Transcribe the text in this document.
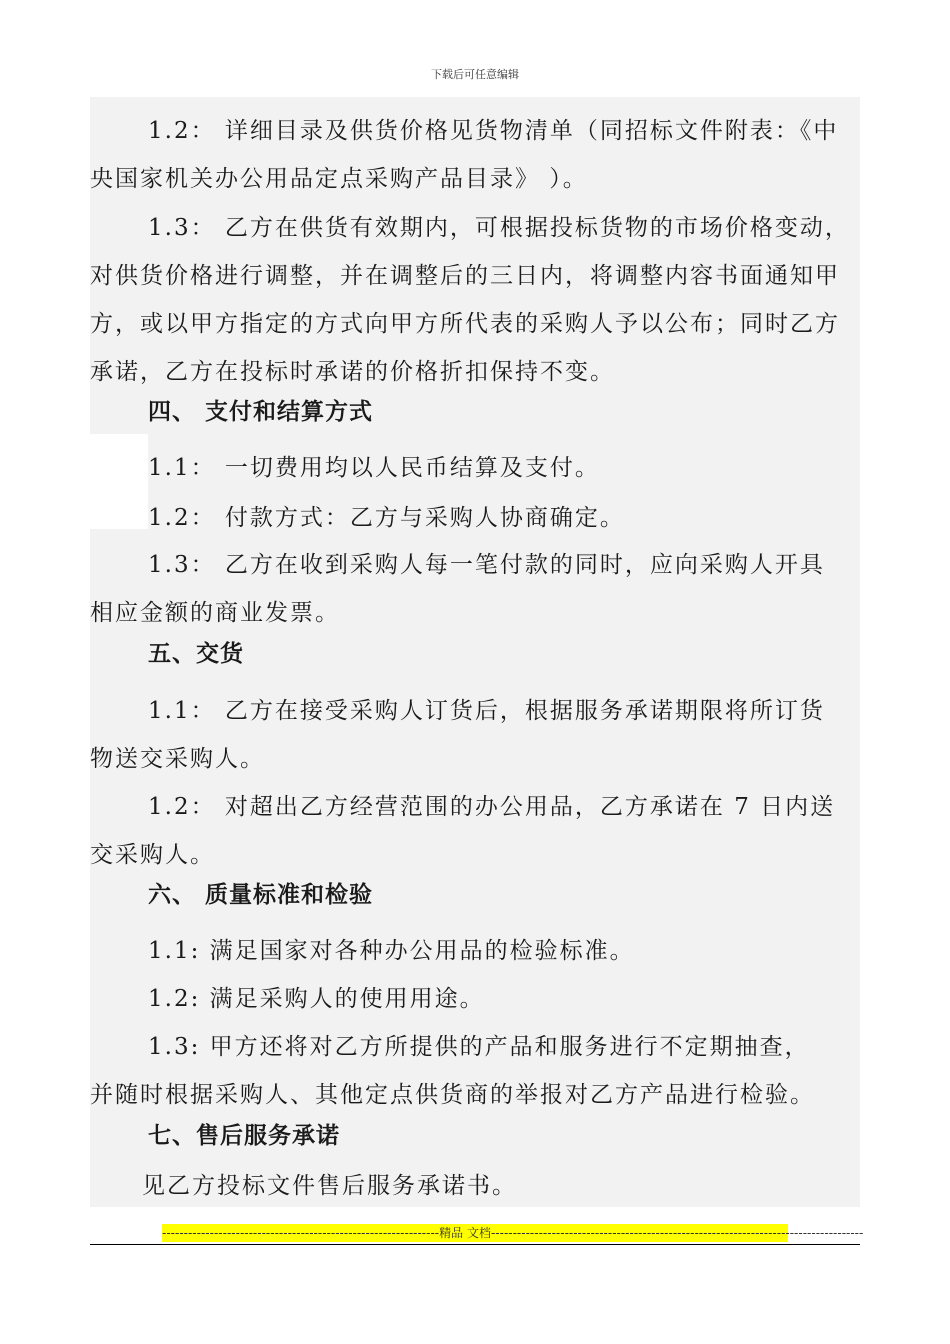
下载后可任意编辑
1.2： 详细目录及供货价格见货物清单（同招标文件附表：《中
央国家机关办公用品定点采购产品目录》 ）。
1.3： 乙方在供货有效期内，可根据投标货物的市场价格变动，
对供货价格进行调整，并在调整后的三日内，将调整内容书面通知甲
方，或以甲方指定的方式向甲方所代表的采购人予以公布；同时乙方
承诺，乙方在投标时承诺的价格折扣保持不变。
四、 支付和结算方式
1.1： 一切费用均以人民币结算及支付。
1.2： 付款方式：乙方与采购人协商确定。
1.3： 乙方在收到采购人每一笔付款的同时，应向采购人开具
相应金额的商业发票。
五、交货
1.1： 乙方在接受采购人订货后，根据服务承诺期限将所订货
物送交采购人。
1.2： 对超出乙方经营范围的办公用品，乙方承诺在 7 日内送
交采购人。
六、 质量标准和检验
1.1: 满足国家对各种办公用品的检验标准。
1.2: 满足采购人的使用用途。
1.3: 甲方还将对乙方所提供的产品和服务进行不定期抽查，
并随时根据采购人、其他定点供货商的举报对乙方产品进行检验。
七、售后服务承诺
见乙方投标文件售后服务承诺书。
----------------------------------------------------------------精品 文档--------------------------------------------------------------------------------------
